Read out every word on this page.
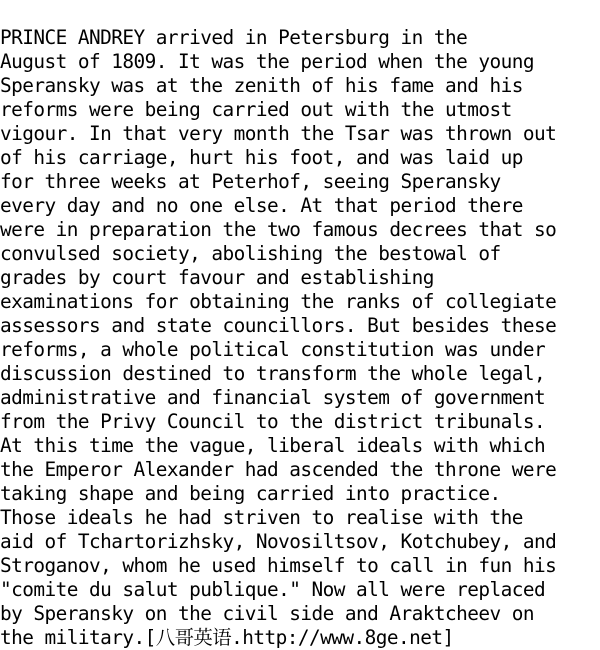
PRINCE ANDREY arrived in Petersburg in the
August of 1809. It was the period when the young
Speransky was at the zenith of his fame and his
reforms were being carried out with the utmost
vigour. In that very month the Tsar was thrown out
of his carriage, hurt his foot, and was laid up
for three weeks at Peterhof, seeing Speransky
every day and no one else. At that period there
were in preparation the two famous decrees that so
convulsed society, abolishing the bestowal of
grades by court favour and establishing
examinations for obtaining the ranks of collegiate
assessors and state councillors. But besides these
reforms, a whole political constitution was under
discussion destined to transform the whole legal,
administrative and financial system of government
from the Privy Council to the district tribunals.
At this time the vague, liberal ideals with which
the Emperor Alexander had ascended the throne were
taking shape and being carried into practice.
Those ideals he had striven to realise with the
aid of Tchartorizhsky, Novosiltsov, Kotchubey, and
Stroganov, whom he used himself to call in fun his
"comite du salut publique." Now all were replaced
by Speransky on the civil side and Araktcheev on
the military.[八哥英语.http://www.8ge.net]
